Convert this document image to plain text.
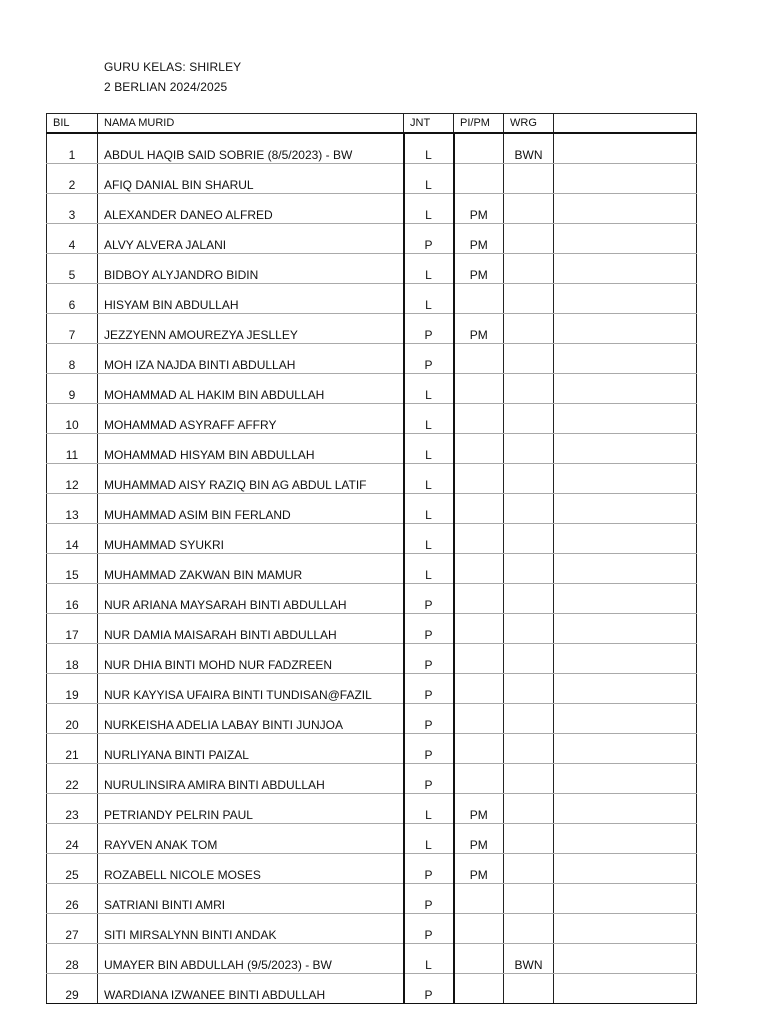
GURU KELAS: SHIRLEY
2 BERLIAN 2024/2025
BIL	NAMA MURID	JNT	PI/PM	WRG	
1	ABDUL HAQIB SAID SOBRIE (8/5/2023) - BW	L		BWN	
2	AFIQ DANIAL BIN SHARUL	L			
3	ALEXANDER DANEO ALFRED	L	PM		
4	ALVY ALVERA JALANI	P	PM		
5	BIDBOY ALYJANDRO BIDIN	L	PM		
6	HISYAM BIN ABDULLAH	L			
7	JEZZYENN AMOUREZYA JESLLEY	P	PM		
8	MOH IZA NAJDA BINTI ABDULLAH	P			
9	MOHAMMAD AL HAKIM BIN ABDULLAH	L			
10	MOHAMMAD ASYRAFF AFFRY	L			
11	MOHAMMAD HISYAM BIN ABDULLAH	L			
12	MUHAMMAD AISY RAZIQ BIN AG ABDUL LATIF	L			
13	MUHAMMAD ASIM BIN FERLAND	L			
14	MUHAMMAD SYUKRI	L			
15	MUHAMMAD ZAKWAN BIN MAMUR	L			
16	NUR ARIANA MAYSARAH BINTI ABDULLAH	P			
17	NUR DAMIA MAISARAH BINTI ABDULLAH	P			
18	NUR DHIA BINTI MOHD NUR FADZREEN	P			
19	NUR KAYYISA UFAIRA BINTI TUNDISAN@FAZIL	P			
20	NURKEISHA ADELIA LABAY BINTI JUNJOA	P			
21	NURLIYANA BINTI PAIZAL	P			
22	NURULINSIRA AMIRA BINTI ABDULLAH	P			
23	PETRIANDY PELRIN PAUL	L	PM		
24	RAYVEN ANAK TOM	L	PM		
25	ROZABELL NICOLE MOSES	P	PM		
26	SATRIANI BINTI AMRI	P			
27	SITI MIRSALYNN BINTI ANDAK	P			
28	UMAYER BIN ABDULLAH (9/5/2023) - BW	L		BWN	
29	WARDIANA IZWANEE BINTI ABDULLAH	P			
